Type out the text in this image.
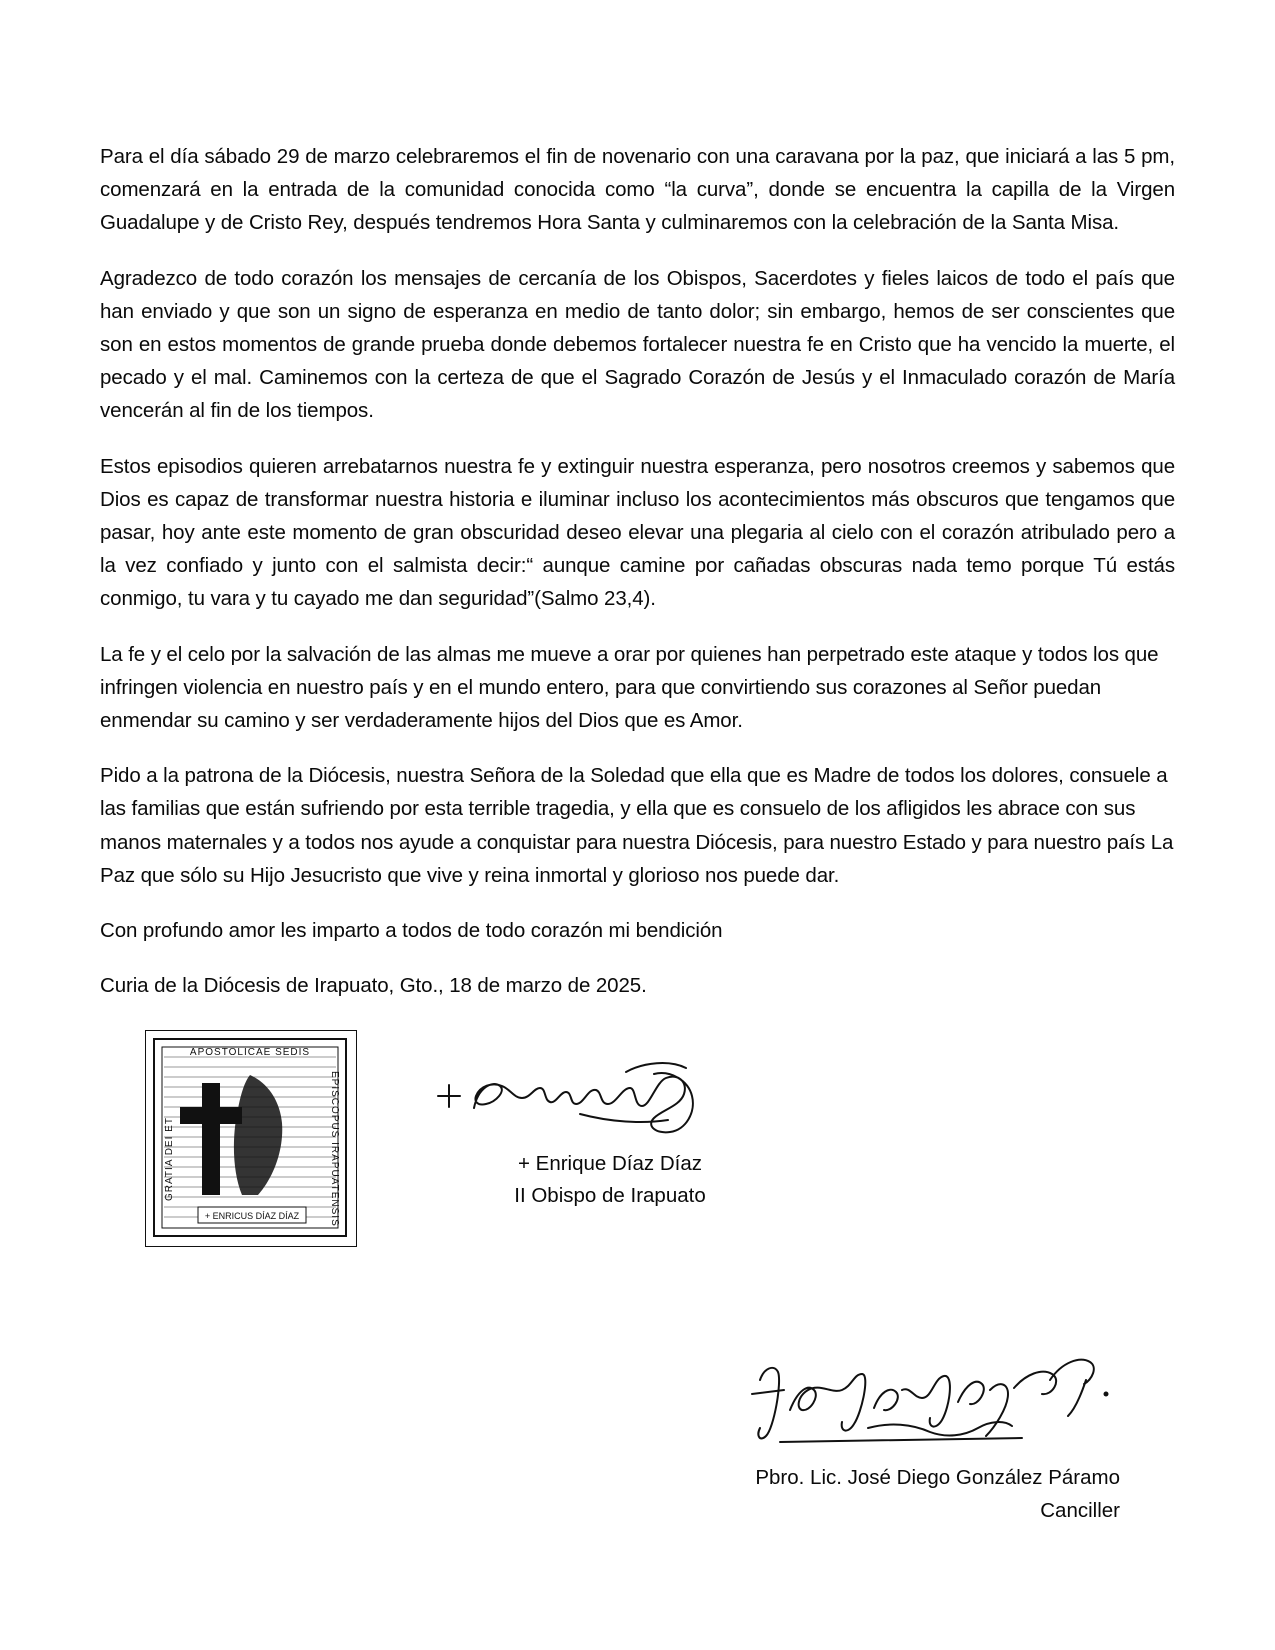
Para el día sábado 29 de marzo celebraremos el fin de novenario con una caravana por la paz, que iniciará a las 5 pm, comenzará en la entrada de la comunidad conocida como “la curva”, donde se encuentra la capilla de la Virgen Guadalupe y de Cristo Rey, después tendremos Hora Santa y culminaremos con la celebración de la Santa Misa.

Agradezco de todo corazón los mensajes de cercanía de los Obispos, Sacerdotes y fieles laicos de todo el país que han enviado y que son un signo de esperanza en medio de tanto dolor; sin embargo, hemos de ser conscientes que son en estos momentos de grande prueba donde debemos fortalecer nuestra fe en Cristo que ha vencido la muerte, el pecado y el mal. Caminemos con la certeza de que el Sagrado Corazón de Jesús y el Inmaculado corazón de María vencerán al fin de los tiempos.

Estos episodios quieren arrebatarnos nuestra fe y extinguir nuestra esperanza, pero nosotros creemos y sabemos que Dios es capaz de transformar nuestra historia e iluminar incluso los acontecimientos más obscuros que tengamos que pasar, hoy ante este momento de gran obscuridad deseo elevar una plegaria al cielo con el corazón atribulado pero a la vez confiado y junto con el salmista decir:“ aunque camine por cañadas obscuras nada temo porque Tú estás conmigo, tu vara y tu cayado me dan seguridad”(Salmo 23,4).

La fe y el celo por la salvación de las almas me mueve a orar por quienes han perpetrado este ataque y todos los que infringen violencia en nuestro país y en el mundo entero, para que convirtiendo sus corazones al Señor puedan enmendar su camino y ser verdaderamente hijos del Dios que es Amor.

Pido a la patrona de la Diócesis, nuestra Señora de la Soledad que ella que es Madre de todos los dolores, consuele a las familias que están sufriendo por esta terrible tragedia, y ella que es consuelo de los afligidos les abrace con sus manos maternales y a todos nos ayude a conquistar para nuestra Diócesis, para nuestro Estado y para nuestro país La Paz que sólo su Hijo Jesucristo que vive y reina inmortal y glorioso nos puede dar.

Con profundo amor les imparto a todos de todo corazón mi bendición

Curia de la Diócesis de Irapuato, Gto., 18 de marzo de 2025.

+ ENRICUS DÍAZ DÍAZ
APOSTOLICAE SEDIS
EPISCOPUS IRAPUATENSIS
GRATIA DEI ET	+ Enrique Díaz Díaz
II Obispo de Irapuato
Pbro. Lic. José Diego González Páramo
Canciller
